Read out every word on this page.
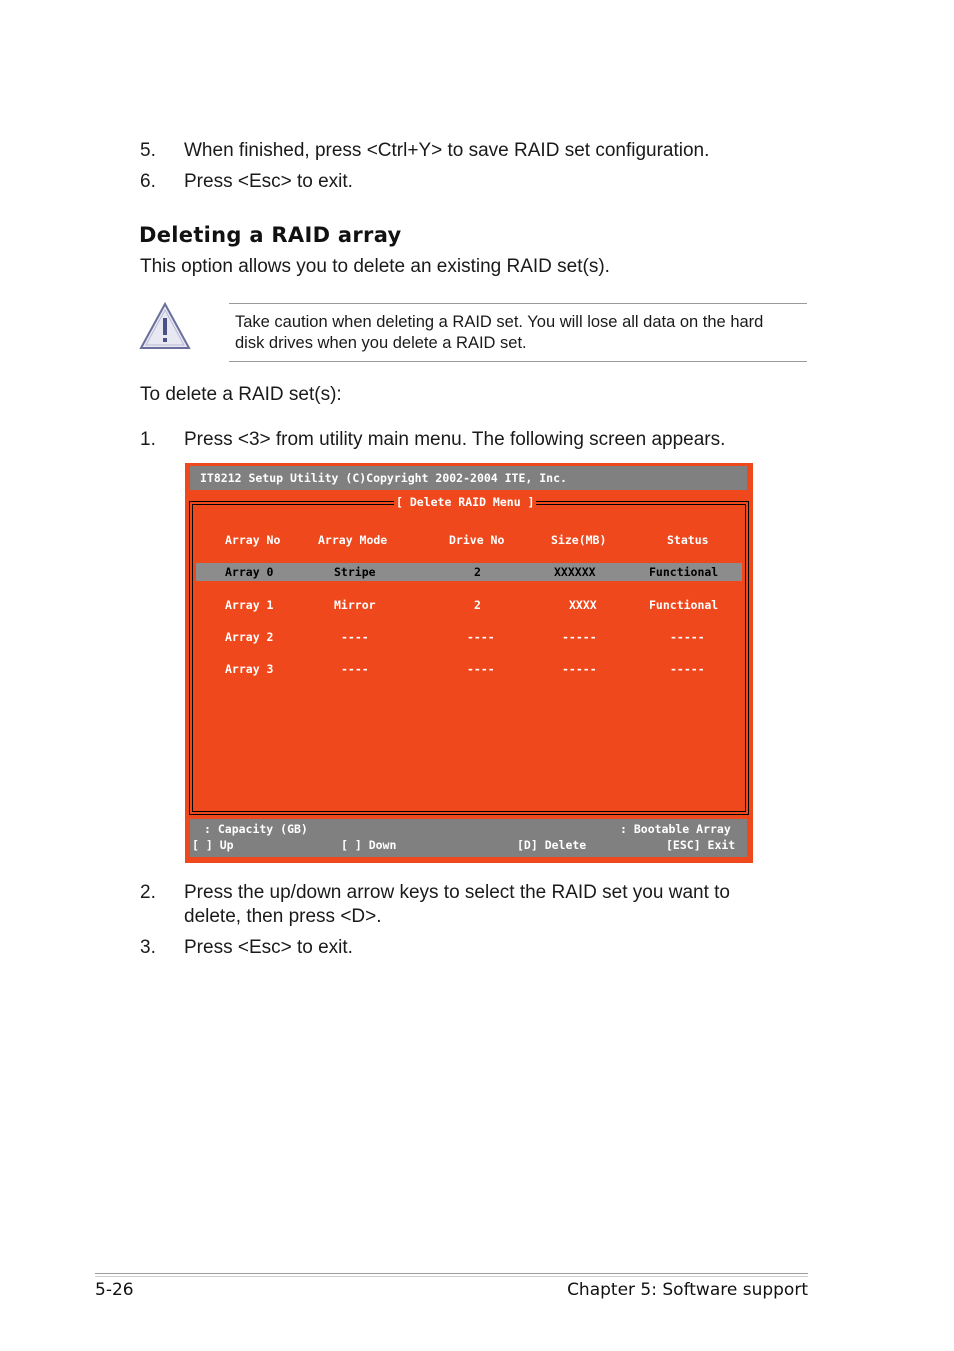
5. When finished, press <Ctrl+Y> to save RAID set configuration.
6. Press <Esc> to exit.
Deleting a RAID array
This option allows you to delete an existing RAID set(s).
Take caution when deleting a RAID set. You will lose all data on the hard
disk drives when you delete a RAID set.
To delete a RAID set(s):
1. Press <3> from utility main menu. The following screen appears.
IT8212 Setup Utility (C)Copyright 2002-2004 ITE, Inc.
[ Delete RAID Menu ]
Array No	Array Mode	Drive No	Size(MB)	Status
Array 0	Stripe	2	XXXXXX	Functional
Array 1	Mirror	2	XXXX	Functional
Array 2	----	----	-----	-----
Array 3	----	----	-----	-----
: Capacity (GB)	: Bootable Array
[ ] Up	[ ] Down	[D] Delete	[ESC] Exit
2. Press the up/down arrow keys to select the RAID set you want to
delete, then press <D>.
3. Press <Esc> to exit.
5-26	Chapter 5: Software support
